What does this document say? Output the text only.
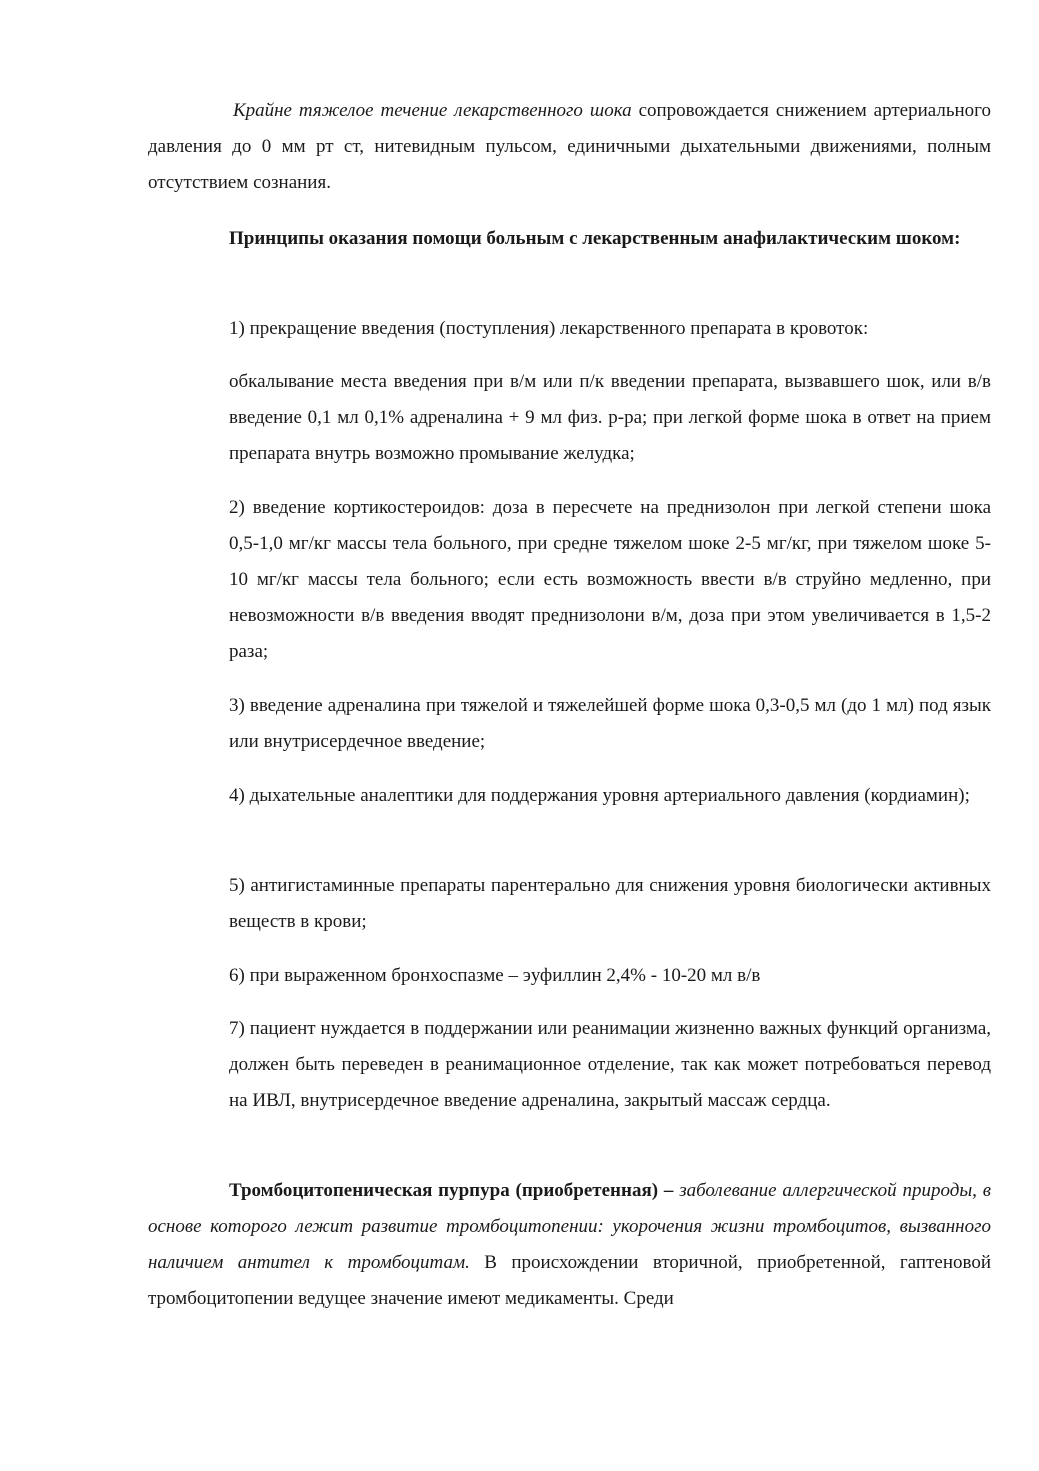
Крайне тяжелое течение лекарственного шока сопровождается снижением артериального давления до 0 мм рт ст, нитевидным пульсом, единичными дыхательными движениями, полным отсутствием сознания.

Принципы оказания помощи больным с лекарственным анафилактическим шоком:

1) прекращение введения (поступления) лекарственного препарата в кровоток:

обкалывание места введения при в/м или п/к введении препарата, вызвавшего шок, или в/в введение 0,1 мл 0,1% адреналина + 9 мл физ. р-ра; при легкой форме шока в ответ на прием препарата внутрь возможно промывание желудка;

2) введение кортикостероидов: доза в пересчете на преднизолон при легкой степени шока 0,5-1,0 мг/кг массы тела больного, при средне тяжелом шоке 2-5 мг/кг, при тяжелом шоке 5-10 мг/кг массы тела больного; если есть возможность ввести в/в струйно медленно, при невозможности в/в введения вводят преднизолони в/м, доза при этом увеличивается в 1,5-2 раза;

3) введение адреналина при тяжелой и тяжелейшей форме шока 0,3-0,5 мл (до 1 мл) под язык или внутрисердечное введение;

4) дыхательные аналептики для поддержания уровня артериального давления (кордиамин);

5) антигистаминные препараты парентерально для снижения уровня биологически активных веществ в крови;

6) при выраженном бронхоспазме – эуфиллин 2,4% - 10-20 мл в/в

7) пациент нуждается в поддержании или реанимации жизненно важных функций организма, должен быть переведен в реанимационное отделение, так как может потребоваться перевод на ИВЛ, внутрисердечное введение адреналина, закрытый массаж сердца.

Тромбоцитопеническая пурпура (приобретенная) – заболевание аллергической природы, в основе которого лежит развитие тромбоцитопении: укорочения жизни тромбоцитов, вызванного наличием антител к тромбоцитам. В происхождении вторичной, приобретенной, гаптеновой тромбоцитопении ведущее значение имеют медикаменты. Среди
